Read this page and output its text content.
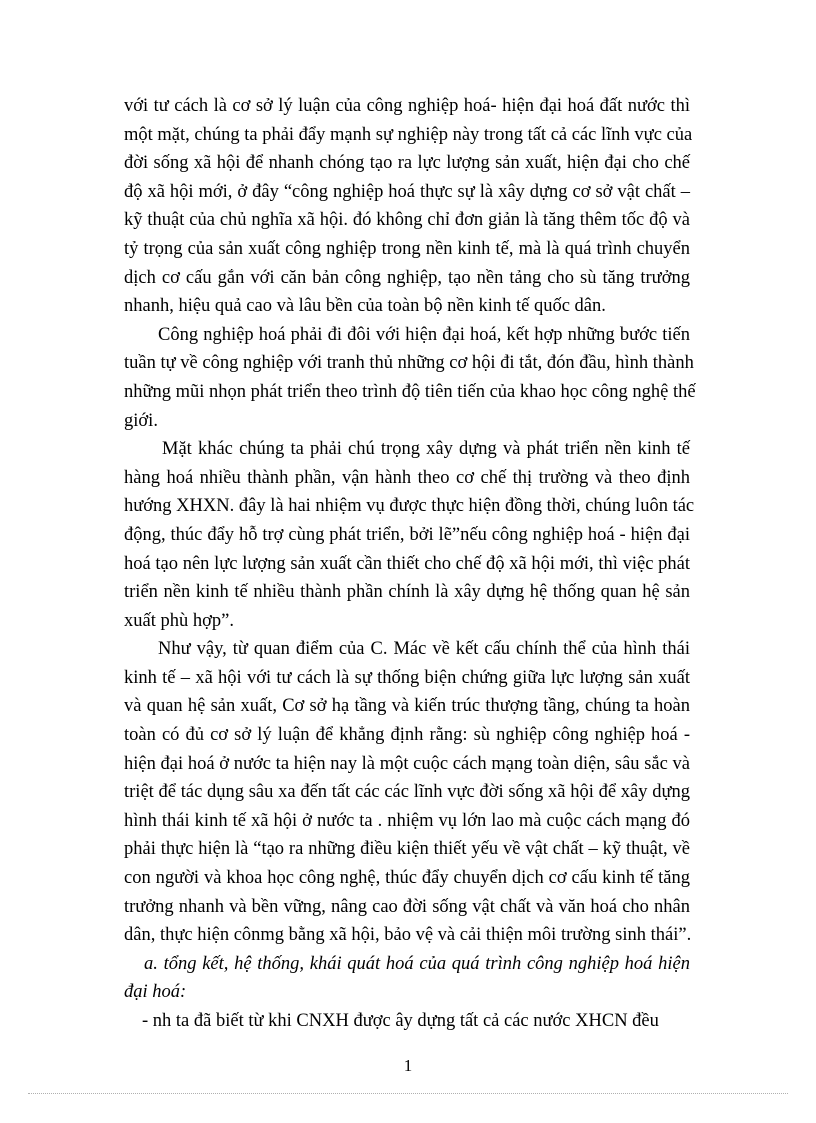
với tư cách là cơ sở lý luận của công nghiệp hoá- hiện đại hoá đất nước thì
một mặt, chúng ta phải đẩy mạnh sự nghiệp này trong tất cả các lĩnh vực của
đời sống xã hội để nhanh chóng tạo ra lực lượng sản xuất, hiện đại cho chế
độ xã hội mới, ở đây “công nghiệp hoá thực sự là xây dựng cơ sở vật chất –
kỹ thuật của chủ nghĩa xã hội. đó không chỉ đơn giản là tăng thêm tốc độ và
tỷ trọng của sản xuất công nghiệp trong nền kinh tế, mà là quá trình chuyển
dịch cơ cấu gắn với căn bản công nghiệp, tạo nền tảng cho sù tăng trưởng
nhanh, hiệu quả cao và lâu bền của toàn bộ nền kinh tế quốc dân.
Công nghiệp hoá phải đi đôi với hiện đại hoá, kết hợp những bước tiến
tuần tự về công nghiệp với tranh thủ những cơ hội đi tắt, đón đầu, hình thành
những mũi nhọn phát triển theo trình độ tiên tiến của khao học công nghệ thế
giới.
Mặt khác chúng ta phải chú trọng xây dựng và phát triển nền kinh tế
hàng hoá nhiều thành phần, vận hành theo cơ chế thị trường và theo định
hướng XHXN. đây là hai nhiệm vụ được thực hiện đồng thời, chúng luôn tác
động, thúc đẩy hỗ trợ cùng phát triển, bởi lẽ”nếu công nghiệp hoá - hiện đại
hoá tạo nên lực lượng sản xuất cần thiết cho chế độ xã hội mới, thì việc phát
triển nền kinh tế nhiều thành phần chính là xây dựng hệ thống quan hệ sản
xuất phù hợp”.
Như vậy, từ quan điểm của C. Mác về kết cấu chính thể của hình thái
kinh tế – xã hội với tư cách là sự thống biện chứng giữa lực lượng sản xuất
và quan hệ sản xuất, Cơ sở hạ tầng và kiến trúc thượng tầng, chúng ta hoàn
toàn có đủ cơ sở lý luận để khẳng định rằng: sù nghiệp công nghiệp hoá -
hiện đại hoá ở nước ta hiện nay là một cuộc cách mạng toàn diện, sâu sắc và
triệt để tác dụng sâu xa đến tất các các lĩnh vực đời sống xã hội để xây dựng
hình thái kinh tế xã hội ở nước ta . nhiệm vụ lớn lao mà cuộc cách mạng đó
phải thực hiện là “tạo ra những điều kiện thiết yếu về vật chất – kỹ thuật, về
con người và khoa học công nghệ, thúc đẩy chuyển dịch cơ cấu kinh tế tăng
trưởng nhanh và bền vững, nâng cao đời sống vật chất và văn hoá cho nhân
dân, thực hiện cônmg bằng xã hội, bảo vệ và cải thiện môi trường sinh thái”.
a. tổng kết, hệ thống, khái quát hoá của quá trình công nghiệp hoá hiện
đại hoá:
- nh ta đã biết từ khi CNXH được ây dựng tất cả các nước XHCN đều
1
